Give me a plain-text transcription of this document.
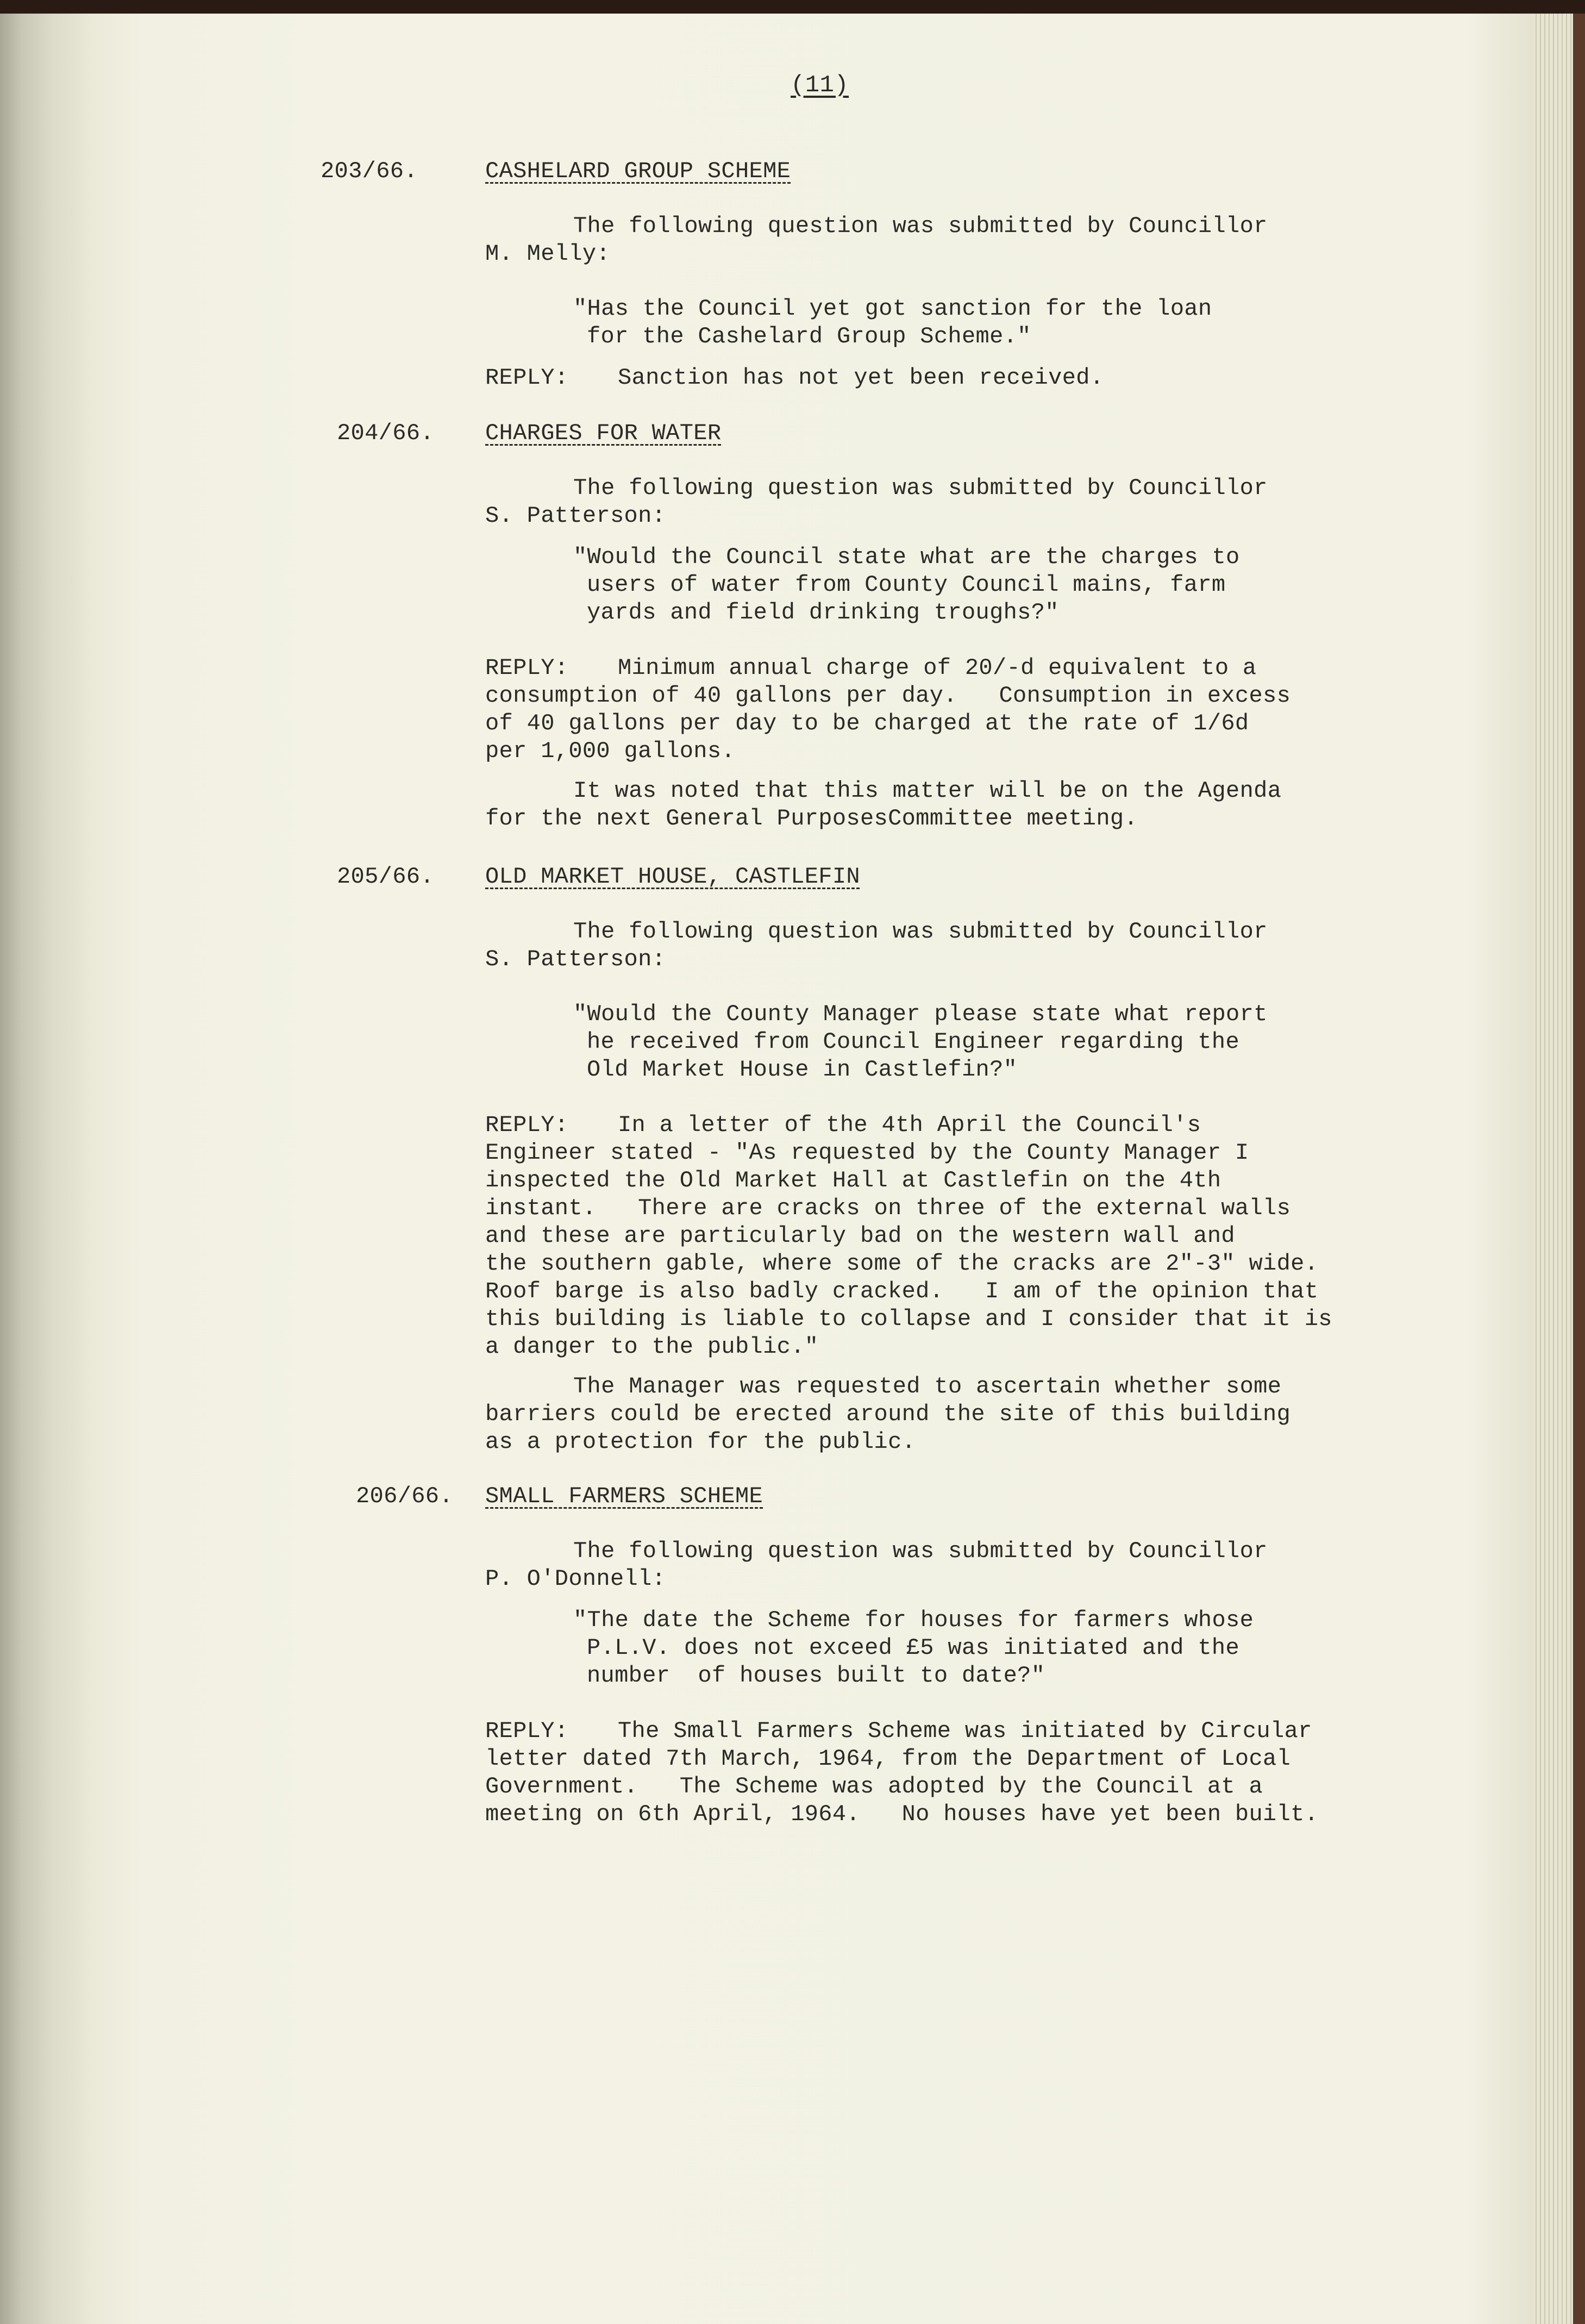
(11)

203/66.	CASHELARD GROUP SCHEME

The following question was submitted by Councillor

M. Melly:

"Has the Council yet got sanction for the loan

for the Cashelard Group Scheme."

REPLY: Sanction has not yet been received.

204/66. CHARGES FOR WATER

The following question was submitted by Councillor

S. Patterson:

"Would the Council state what are the charges to

users of water from County Council mains, farm

yards and field drinking troughs?"

REPLY: Minimum annual charge of 20/-d equivalent to a

consumption of 40 gallons per day.   Consumption in excess

of 40 gallons per day to be charged at the rate of 1/6d

per 1,000 gallons.

It was noted that this matter will be on the Agenda

for the next General PurposesCommittee meeting.

205/66. OLD MARKET HOUSE, CASTLEFIN

The following question was submitted by Councillor

S. Patterson:

"Would the County Manager please state what report

he received from Council Engineer regarding the

Old Market House in Castlefin?"

REPLY: In a letter of the 4th April the Council's

Engineer stated - "As requested by the County Manager I

inspected the Old Market Hall at Castlefin on the 4th

instant.   There are cracks on three of the external walls

and these are particularly bad on the western wall and

the southern gable, where some of the cracks are 2"-3" wide.

Roof barge is also badly cracked.   I am of the opinion that

this building is liable to collapse and I consider that it is

a danger to the public."

The Manager was requested to ascertain whether some

barriers could be erected around the site of this building

as a protection for the public.

206/66. SMALL FARMERS SCHEME

The following question was submitted by Councillor

P. O'Donnell:

"The date the Scheme for houses for farmers whose

P.L.V. does not exceed £5 was initiated and the

number  of houses built to date?"

REPLY: The Small Farmers Scheme was initiated by Circular

letter dated 7th March, 1964, from the Department of Local

Government.   The Scheme was adopted by the Council at a

meeting on 6th April, 1964.   No houses have yet been built.
